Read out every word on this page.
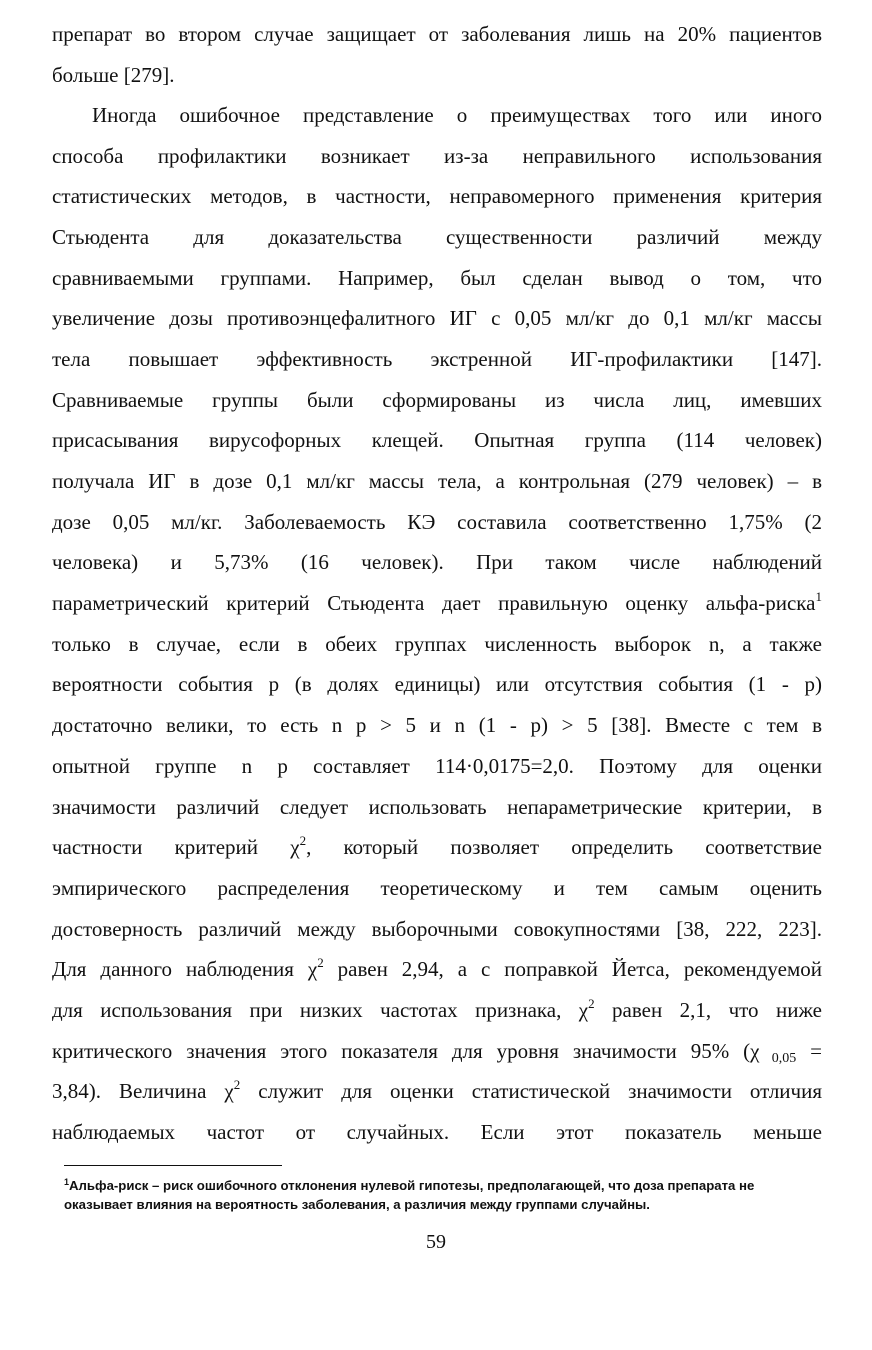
препарат во втором случае защищает от заболевания лишь на 20% пациентов
больше [279].
Иногда ошибочное представление о преимуществах того или иного
способа профилактики возникает из-за неправильного использования
статистических методов, в частности, неправомерного применения критерия
Стьюдента для доказательства существенности различий между
сравниваемыми группами. Например, был сделан вывод о том, что
увеличение дозы противоэнцефалитного ИГ с 0,05 мл/кг до 0,1 мл/кг массы
тела повышает эффективность экстренной ИГ-профилактики [147].
Сравниваемые группы были сформированы из числа лиц, имевших
присасывания вирусофорных клещей. Опытная группа (114 человек)
получала ИГ в дозе 0,1 мл/кг массы тела, а контрольная (279 человек) – в
дозе 0,05 мл/кг. Заболеваемость КЭ составила соответственно 1,75% (2
человека) и 5,73% (16 человек). При таком числе наблюдений
параметрический критерий Стьюдента дает правильную оценку альфа-риска$^1$
только в случае, если в обеих группах численность выборок n, а также
вероятности события p (в долях единицы) или отсутствия события (1 - p)
достаточно велики, то есть n p > 5 и n (1 - p) > 5 [38]. Вместе с тем в
опытной группе n p составляет 114·0,0175=2,0. Поэтому для оценки
значимости различий следует использовать непараметрические критерии, в
частности критерий $\chi^2$, который позволяет определить соответствие
эмпирического распределения теоретическому и тем самым оценить
достоверность различий между выборочными совокупностями [38, 222, 223].
Для данного наблюдения $\chi^2$ равен 2,94, а с поправкой Йетса, рекомендуемой
для использования при низких частотах признака, $\chi^2$ равен 2,1, что ниже
критического значения этого показателя для уровня значимости 95% (χ 0,05 =
3,84). Величина $\chi^2$ служит для оценки статистической значимости отличия
наблюдаемых частот от случайных. Если этот показатель меньше
$^1$Альфа-риск – риск ошибочного отклонения нулевой гипотезы, предполагающей, что доза препарата не
оказывает влияния на вероятность заболевания, а различия между группами случайны.
59
